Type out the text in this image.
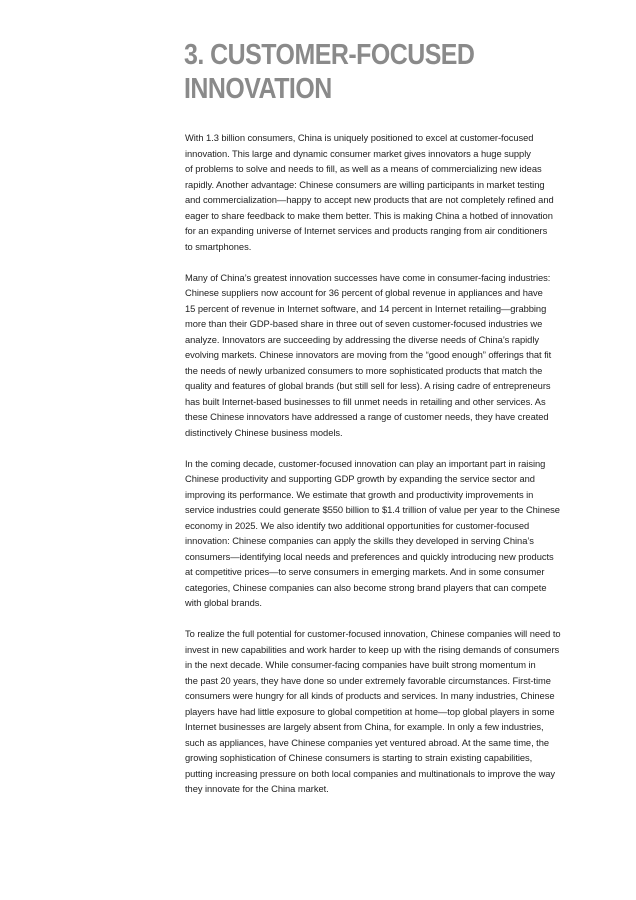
3. CUSTOMER-FOCUSED
INNOVATION

With 1.3 billion consumers, China is uniquely positioned to excel at customer-focused
innovation. This large and dynamic consumer market gives innovators a huge supply
of problems to solve and needs to fill, as well as a means of commercializing new ideas
rapidly. Another advantage: Chinese consumers are willing participants in market testing
and commercialization—happy to accept new products that are not completely refined and
eager to share feedback to make them better. This is making China a hotbed of innovation
for an expanding universe of Internet services and products ranging from air conditioners
to smartphones.

Many of China’s greatest innovation successes have come in consumer-facing industries:
Chinese suppliers now account for 36 percent of global revenue in appliances and have
15 percent of revenue in Internet software, and 14 percent in Internet retailing—grabbing
more than their GDP-based share in three out of seven customer-focused industries we
analyze. Innovators are succeeding by addressing the diverse needs of China’s rapidly
evolving markets. Chinese innovators are moving from the “good enough” offerings that fit
the needs of newly urbanized consumers to more sophisticated products that match the
quality and features of global brands (but still sell for less). A rising cadre of entrepreneurs
has built Internet-based businesses to fill unmet needs in retailing and other services. As
these Chinese innovators have addressed a range of customer needs, they have created
distinctively Chinese business models.

In the coming decade, customer-focused innovation can play an important part in raising
Chinese productivity and supporting GDP growth by expanding the service sector and
improving its performance. We estimate that growth and productivity improvements in
service industries could generate $550 billion to $1.4 trillion of value per year to the Chinese
economy in 2025. We also identify two additional opportunities for customer-focused
innovation: Chinese companies can apply the skills they developed in serving China’s
consumers—identifying local needs and preferences and quickly introducing new products
at competitive prices—to serve consumers in emerging markets. And in some consumer
categories, Chinese companies can also become strong brand players that can compete
with global brands.

To realize the full potential for customer-focused innovation, Chinese companies will need to
invest in new capabilities and work harder to keep up with the rising demands of consumers
in the next decade. While consumer-facing companies have built strong momentum in
the past 20 years, they have done so under extremely favorable circumstances. First-time
consumers were hungry for all kinds of products and services. In many industries, Chinese
players have had little exposure to global competition at home—top global players in some
Internet businesses are largely absent from China, for example. In only a few industries,
such as appliances, have Chinese companies yet ventured abroad. At the same time, the
growing sophistication of Chinese consumers is starting to strain existing capabilities,
putting increasing pressure on both local companies and multinationals to improve the way
they innovate for the China market.
